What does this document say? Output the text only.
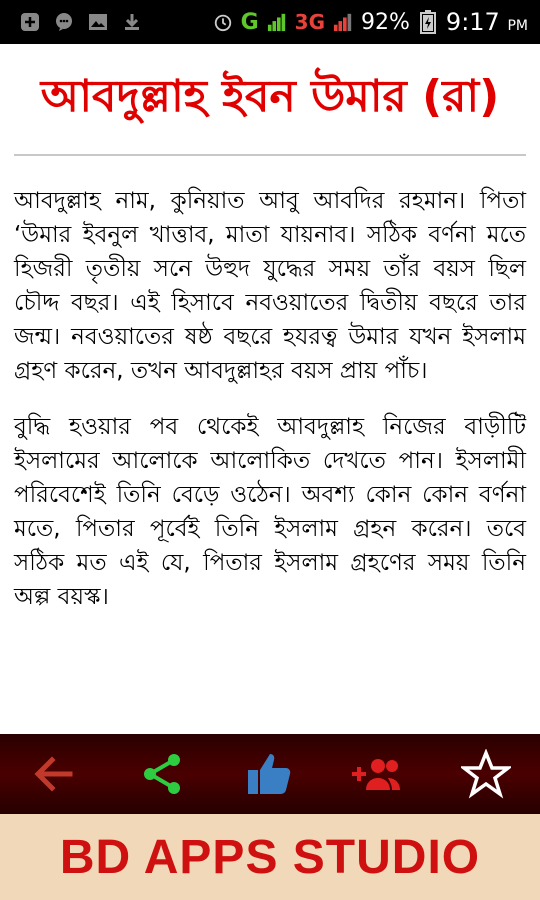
G 3G 92% 9:17 PM
আবদুল্লাহ ইবন উমার (রা)

আবদুল্লাহ নাম, কুনিয়াত আবু আবদির রহমান। পিতা ‘উমার ইবনুল খাত্তাব, মাতা যায়নাব। সঠিক বর্ণনা মতে হিজরী তৃতীয় সনে উহুদ যুদ্ধের সময় তাঁর বয়স ছিল চৌদ্দ বছর। এই হিসাবে নবওয়াতের দ্বিতীয় বছরে তার জন্ম। নবওয়াতের ষষ্ঠ বছরে হযরত্ব উমার যখন ইসলাম গ্রহণ করেন, তখন আবদুল্লাহর বয়স প্রায় পাঁচ।

বুদ্ধি হওয়ার পব থেকেই আবদুল্লাহ নিজের বাড়ীটি ইসলামের আলোকে আলোকিত দেখতে পান। ইসলামী পরিবেশেই তিনি বেড়ে ওঠেন। অবশ্য কোন কোন বর্ণনা মতে, পিতার পূর্বেই তিনি ইসলাম গ্রহন করেন। তবে সঠিক মত এই যে, পিতার ইসলাম গ্রহণের সময় তিনি অল্প বয়স্ক।

BD APPS STUDIO
